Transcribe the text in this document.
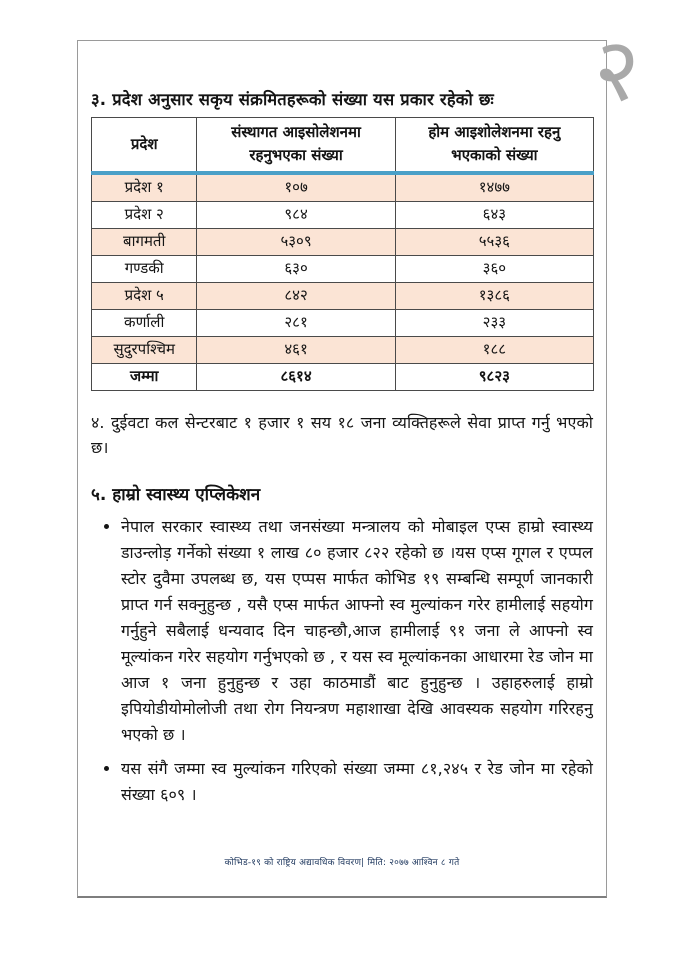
२
३. प्रदेश अनुसार सकृय संक्रमितहरूको संख्या यस प्रकार रहेको छः
प्रदेश	संस्थागत आइसोलेशनमा रहनुभएका संख्या	होम आइशोलेशनमा रहनु भएकाको संख्या
प्रदेश १	१०७	१४७७
प्रदेश २	९८४	६४३
बागमती	५३०९	५५३६
गण्डकी	६३०	३६०
प्रदेश ५	८४२	१३८६
कर्णाली	२८१	२३३
सुदुरपश्चिम	४६१	१८८
जम्मा	८६१४	९८२३
४. दुईवटा कल सेन्टरबाट १ हजार १ सय १८ जना व्यक्तिहरूले सेवा प्राप्त गर्नु भएको छ।
५. हाम्रो स्वास्थ्य एप्लिकेशन
• नेपाल सरकार स्वास्थ्य तथा जनसंख्या मन्त्रालय को मोबाइल एप्स हाम्रो स्वास्थ्य डाउन्लोड़ गर्नेको संख्या १ लाख ८० हजार ८२२ रहेको छ ।यस एप्स गूगल र एप्पल स्टोर दुवैमा उपलब्ध छ, यस एप्पस मार्फत कोभिड १९ सम्बन्धि सम्पूर्ण जानकारी प्राप्त गर्न सक्नुहुन्छ , यसै एप्स मार्फत आफ्नो स्व मुल्यांकन गरेर हामीलाई सहयोग गर्नुहुने सबैलाई धन्यवाद दिन चाहन्छौ,आज हामीलाई ९१ जना ले आफ्नो स्व मूल्यांकन गरेर सहयोग गर्नुभएको छ , र यस स्व मूल्यांकनका आधारमा रेड जोन मा आज १ जना हुनुहुन्छ र उहा काठमाडौं बाट हुनुहुन्छ । उहाहरुलाई हाम्रो इपियोडीयोमोलोजी तथा रोग नियन्त्रण महाशाखा देखि आवस्यक सहयोग गरिरहनु भएको छ ।
• यस संगै जम्मा स्व मुल्यांकन गरिएको संख्या जम्मा ८१,२४५ र रेड जोन मा रहेको संख्या ६०९ ।
कोभिड-१९ को राष्ट्रिय अद्यावधिक विवरण| मिति: २०७७ आश्विन ८ गते
